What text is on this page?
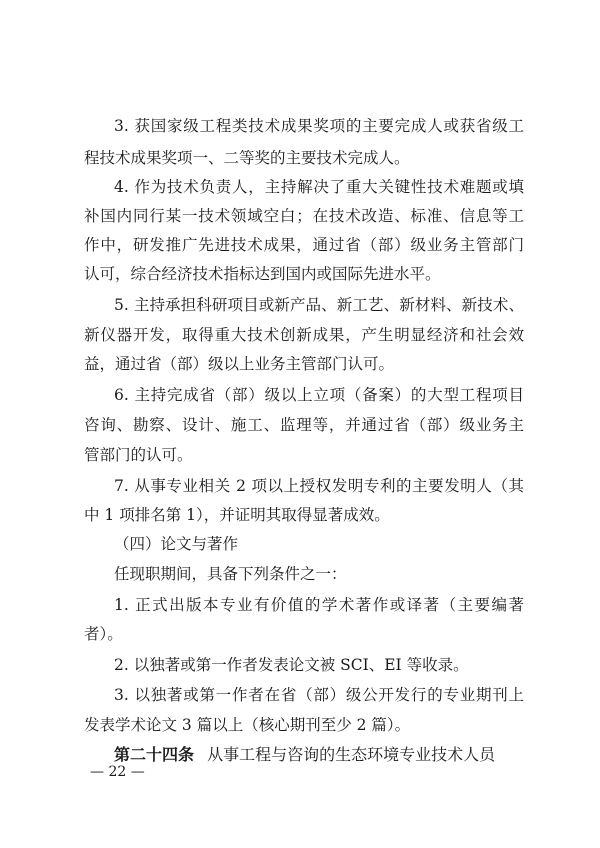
3. 获国家级工程类技术成果奖项的主要完成人或获省级工
程技术成果奖项一、二等奖的主要技术完成人。
4. 作为技术负责人，主持解决了重大关键性技术难题或填
补国内同行某一技术领域空白；在技术改造、标准、信息等工
作中，研发推广先进技术成果，通过省（部）级业务主管部门
认可，综合经济技术指标达到国内或国际先进水平。
5. 主持承担科研项目或新产品、新工艺、新材料、新技术、
新仪器开发，取得重大技术创新成果，产生明显经济和社会效
益，通过省（部）级以上业务主管部门认可。
6. 主持完成省（部）级以上立项（备案）的大型工程项目
咨询、勘察、设计、施工、监理等，并通过省（部）级业务主
管部门的认可。
7. 从事专业相关 2 项以上授权发明专利的主要发明人（其
中 1 项排名第 1），并证明其取得显著成效。
（四）论文与著作
任现职期间，具备下列条件之一：
1. 正式出版本专业有价值的学术著作或译著（主要编著
者）。
2. 以独著或第一作者发表论文被 SCI、EI 等收录。
3. 以独著或第一作者在省（部）级公开发行的专业期刊上
发表学术论文 3 篇以上（核心期刊至少 2 篇）。
第二十四条 从事工程与咨询的生态环境专业技术人员
— 22 —
